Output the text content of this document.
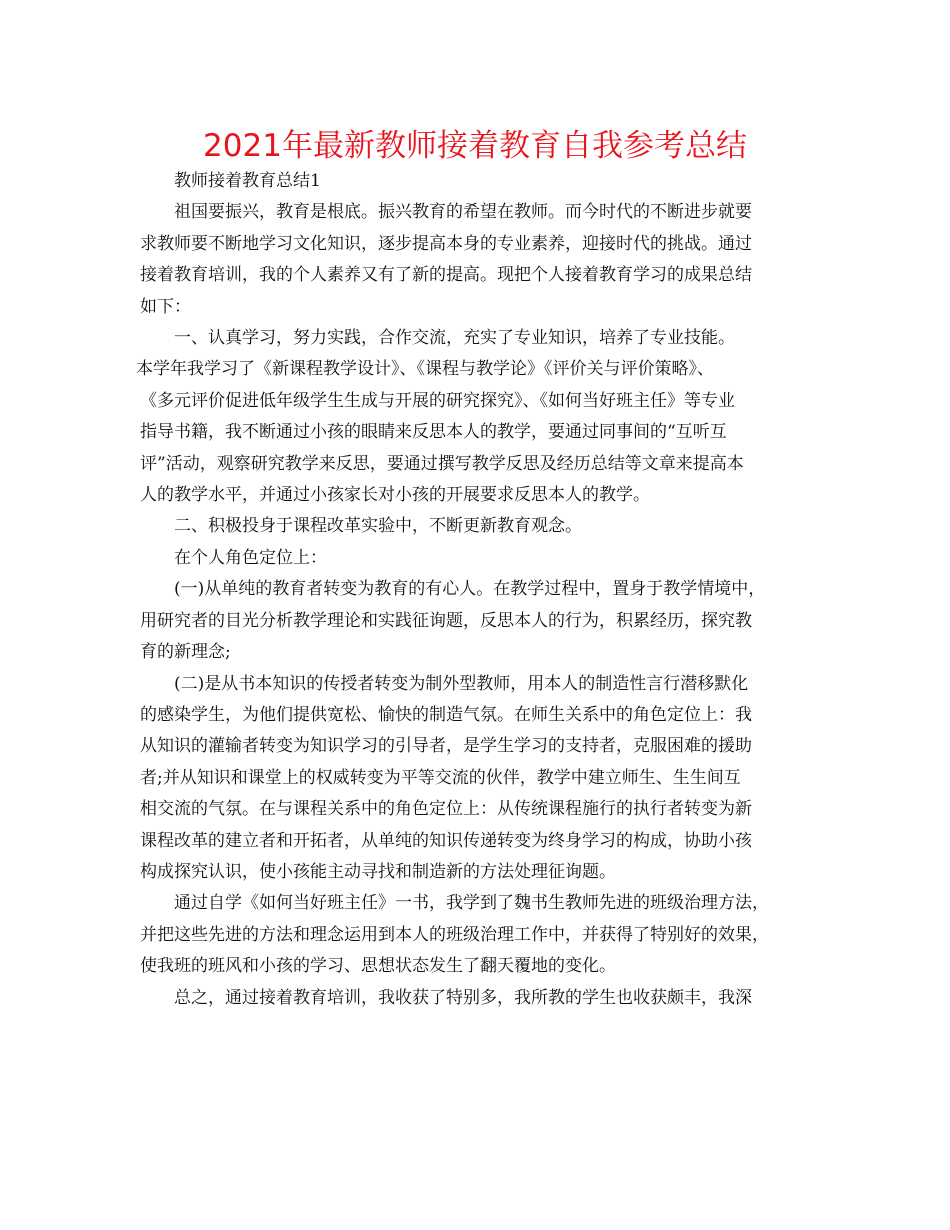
2021年最新教师接着教育自我参考总结

教师接着教育总结1

祖国要振兴，教育是根底。振兴教育的希望在教师。而今时代的不断进步就要
求教师要不断地学习文化知识，逐步提高本身的专业素养，迎接时代的挑战。通过
接着教育培训，我的个人素养又有了新的提高。现把个人接着教育学习的成果总结
如下：

一、认真学习，努力实践，合作交流，充实了专业知识，培养了专业技能。

本学年我学习了《新课程教学设计》、《课程与教学论》《评价关与评价策略》、
《多元评价促进低年级学生生成与开展的研究探究》、《如何当好班主任》等专业
指导书籍，我不断通过小孩的眼睛来反思本人的教学，要通过同事间的“互听互
评”活动，观察研究教学来反思，要通过撰写教学反思及经历总结等文章来提高本
人的教学水平，并通过小孩家长对小孩的开展要求反思本人的教学。

二、积极投身于课程改革实验中，不断更新教育观念。

在个人角色定位上：

(一)从单纯的教育者转变为教育的有心人。在教学过程中，置身于教学情境中，
用研究者的目光分析教学理论和实践征询题，反思本人的行为，积累经历，探究教
育的新理念;

(二)是从书本知识的传授者转变为制外型教师，用本人的制造性言行潜移默化
的感染学生，为他们提供宽松、愉快的制造气氛。在师生关系中的角色定位上：我
从知识的灌输者转变为知识学习的引导者，是学生学习的支持者，克服困难的援助
者;并从知识和课堂上的权威转变为平等交流的伙伴，教学中建立师生、生生间互
相交流的气氛。在与课程关系中的角色定位上：从传统课程施行的执行者转变为新
课程改革的建立者和开拓者，从单纯的知识传递转变为终身学习的构成，协助小孩
构成探究认识，使小孩能主动寻找和制造新的方法处理征询题。

通过自学《如何当好班主任》一书，我学到了魏书生教师先进的班级治理方法，
并把这些先进的方法和理念运用到本人的班级治理工作中，并获得了特别好的效果，
使我班的班风和小孩的学习、思想状态发生了翻天覆地的变化。

总之，通过接着教育培训，我收获了特别多，我所教的学生也收获颇丰，我深
